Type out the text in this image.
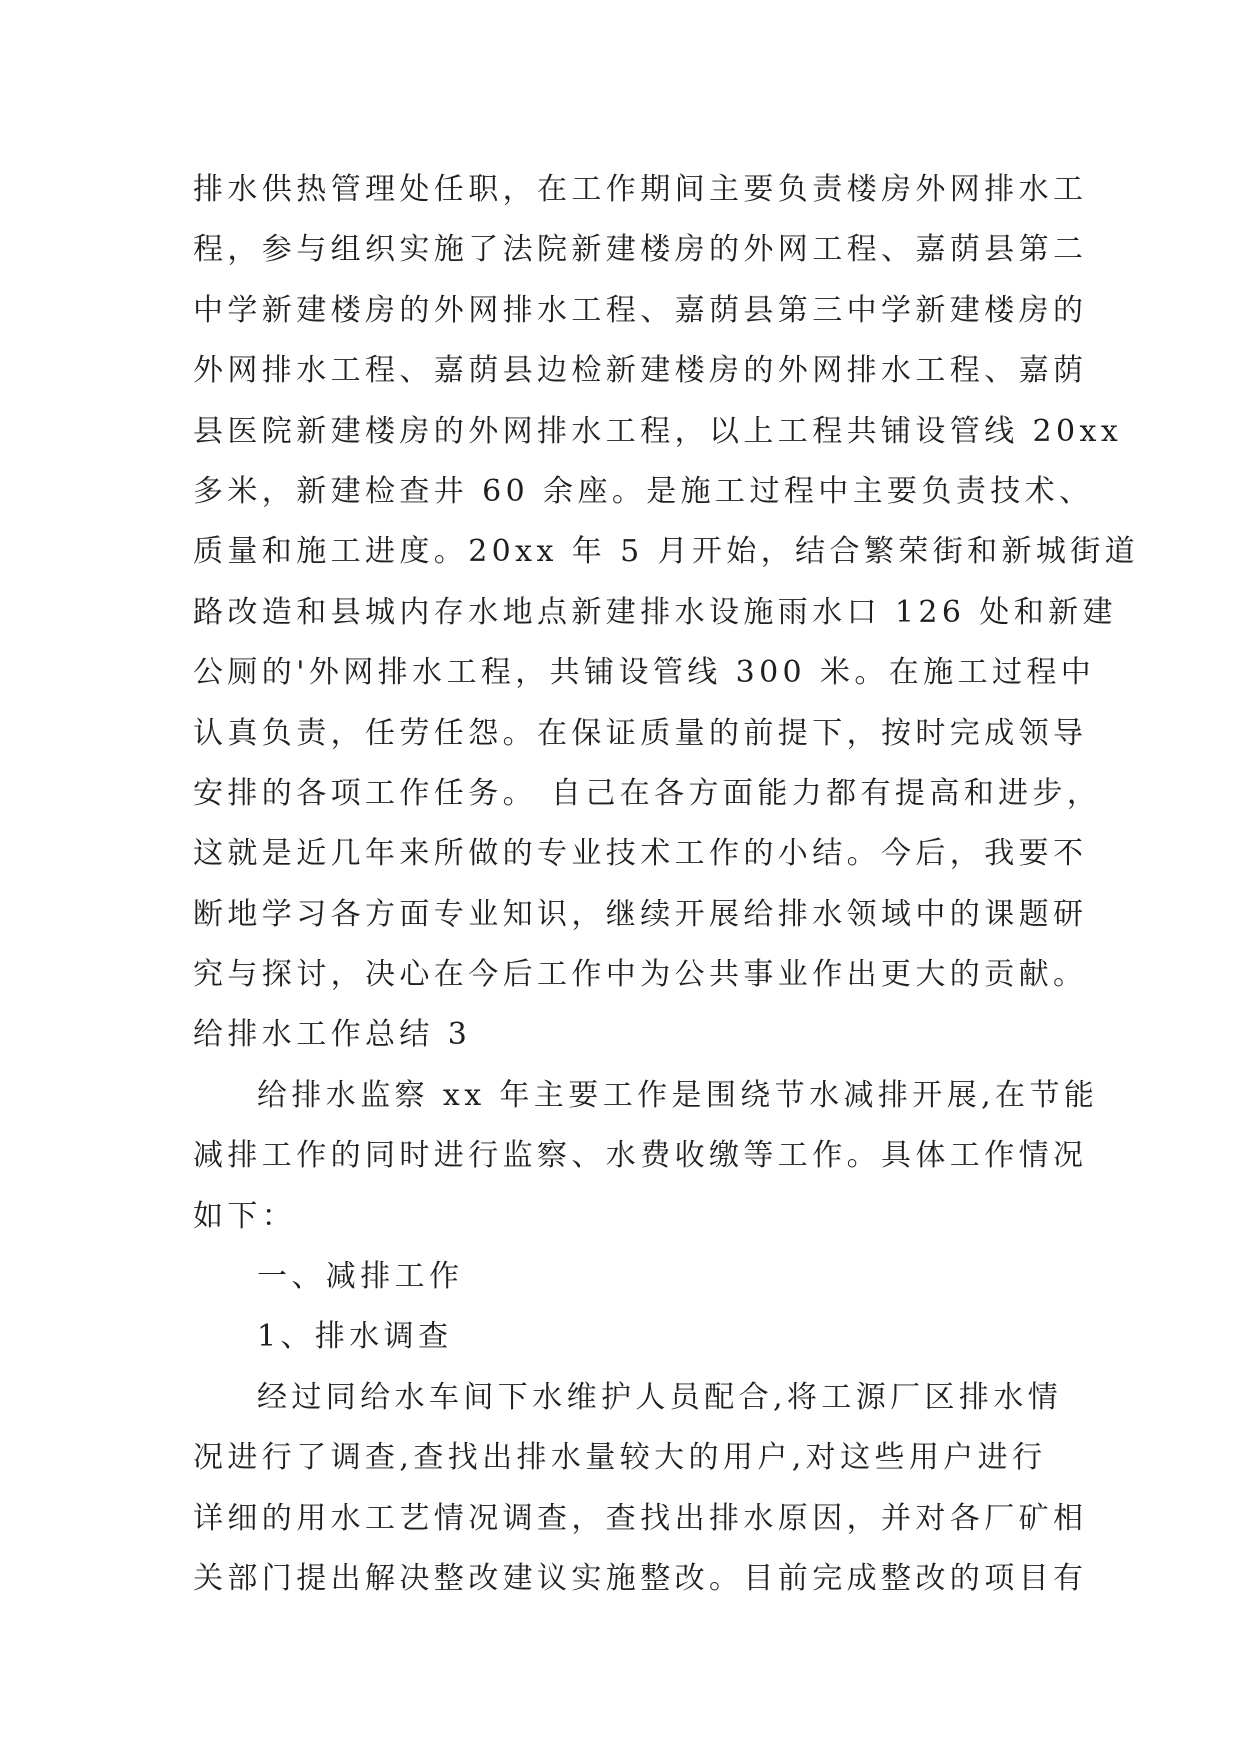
排水供热管理处任职，在工作期间主要负责楼房外网排水工
程，参与组织实施了法院新建楼房的外网工程、嘉荫县第二
中学新建楼房的外网排水工程、嘉荫县第三中学新建楼房的
外网排水工程、嘉荫县边检新建楼房的外网排水工程、嘉荫
县医院新建楼房的外网排水工程，以上工程共铺设管线 20xx
多米，新建检查井 60 余座。是施工过程中主要负责技术、
质量和施工进度。20xx 年 5 月开始，结合繁荣街和新城街道
路改造和县城内存水地点新建排水设施雨水口 126 处和新建
公厕的'外网排水工程，共铺设管线 300 米。在施工过程中
认真负责，任劳任怨。在保证质量的前提下，按时完成领导
安排的各项工作任务。 自己在各方面能力都有提高和进步，
这就是近几年来所做的专业技术工作的小结。今后，我要不
断地学习各方面专业知识，继续开展给排水领域中的课题研
究与探讨，决心在今后工作中为公共事业作出更大的贡献。
给排水工作总结 3
给排水监察 xx 年主要工作是围绕节水减排开展,在节能
减排工作的同时进行监察、水费收缴等工作。具体工作情况
如下：
一、减排工作
1、排水调查
经过同给水车间下水维护人员配合,将工源厂区排水情
况进行了调查,查找出排水量较大的用户,对这些用户进行
详细的用水工艺情况调查，查找出排水原因，并对各厂矿相
关部门提出解决整改建议实施整改。目前完成整改的项目有
